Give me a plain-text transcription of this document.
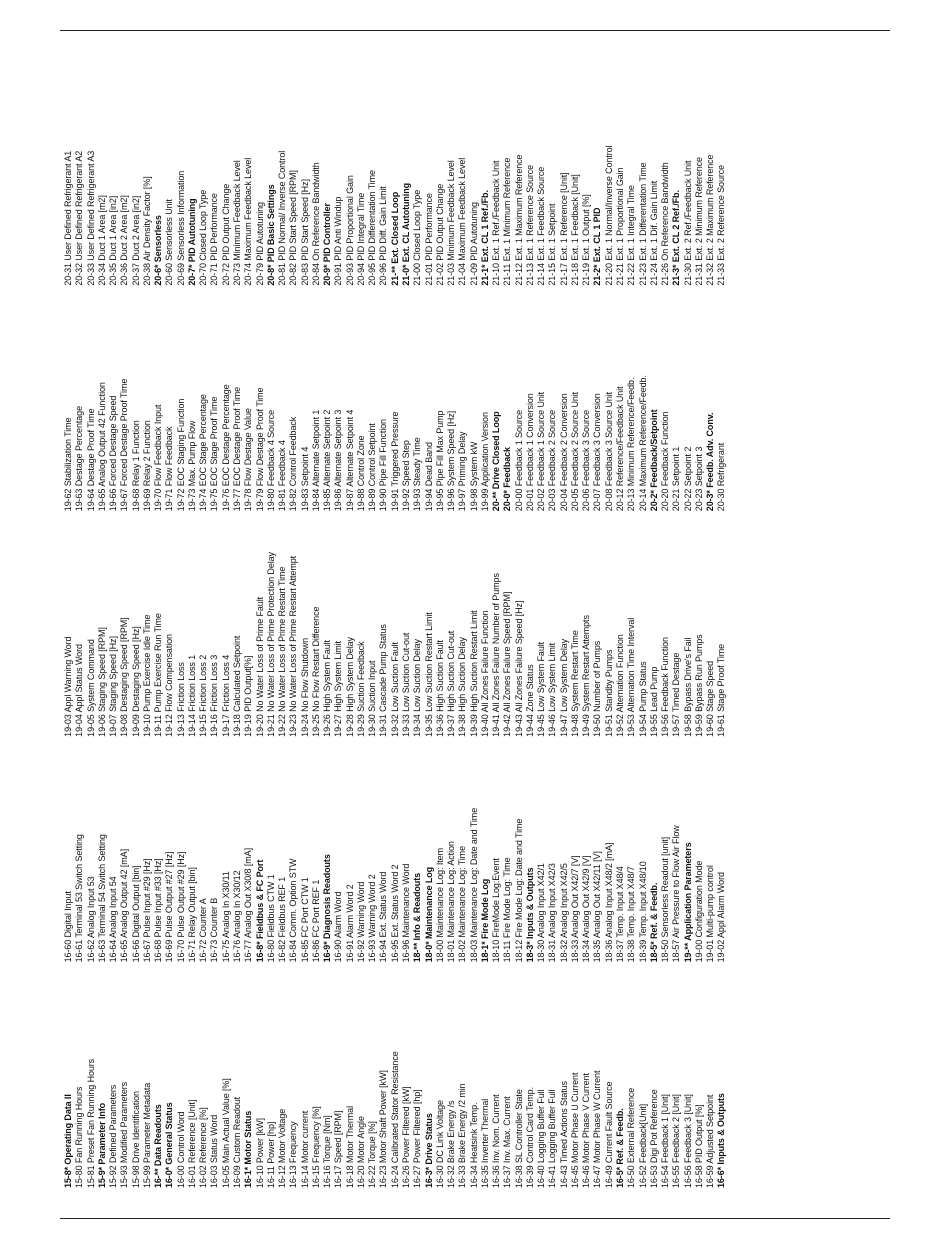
15-8* Operating Data II 15-80 Fan Running Hours 15-81 Preset Fan Running Hours 15-9* Parameter Info 15-92 Defined Parameters 15-93 Modified Parameters 15-98 Drive Identification 15-99 Parameter Metadata 16-** Data Readouts 16-0* General Status 16-00 Control Word 16-01 Reference [Unit] 16-02 Reference [%] 16-03 Status Word 16-05 Main Actual Value [%] 16-09 Custom Readout 16-1* Motor Status 16-10 Power [kW] 16-11 Power [hp] 16-12 Motor Voltage 16-13 Frequency 16-14 Motor current 16-15 Frequency [%] 16-16 Torque [Nm] 16-17 Speed [RPM] 16-18 Motor Thermal 16-20 Motor Angle 16-22 Torque [%] 16-23 Motor Shaft Power [kW] 16-24 Calibrated Stator Resistance 16-26 Power Filtered [kW] 16-27 Power Filtered [hp] 16-3* Drive Status 16-30 DC Link Voltage 16-32 Brake Energy /s 16-33 Brake Energy /2 min 16-34 Heatsink Temp. 16-35 Inverter Thermal 16-36 Inv. Nom. Current 16-37 Inv. Max. Current 16-38 SL Controller State 16-39 Control Card Temp. 16-40 Logging Buffer Full 16-41 Logging Buffer Full 16-43 Timed Actions Status 16-45 Motor Phase U Current 16-46 Motor Phase V Current 16-47 Motor Phase W Current 16-49 Current Fault Source 16-5* Ref. & Feedb. 16-50 External Reference 16-52 Feedback[Unit] 16-53 Digi Pot Reference 16-54 Feedback 1 [Unit] 16-55 Feedback 2 [Unit] 16-56 Feedback 3 [Unit] 16-58 PID Output [%] 16-59 Adjusted Setpoint 16-6* Inputs & Outputs
16-60 Digital Input 16-61 Terminal 53 Switch Setting 16-62 Analog Input 53 16-63 Terminal 54 Switch Setting 16-64 Analog Input 54 16-65 Analog Output 42 [mA] 16-66 Digital Output [bin] 16-67 Pulse Input #29 [Hz] 16-68 Pulse Input #33 [Hz] 16-69 Pulse Output #27 [Hz] 16-70 Pulse Output #29 [Hz] 16-71 Relay Output [bin] 16-72 Counter A 16-73 Counter B 16-75 Analog In X30/11 16-76 Analog In X30/12 16-77 Analog Out X30/8 [mA] 16-8* Fieldbus & FC Port 16-80 Fieldbus CTW 1 16-82 Fieldbus REF 1 16-84 Comm. Option STW 16-85 FC Port CTW 1 16-86 FC Port REF 1 16-9* Diagnosis Readouts 16-90 Alarm Word 16-91 Alarm Word 2 16-92 Warning Word 16-93 Warning Word 2 16-94 Ext. Status Word 16-95 Ext. Status Word 2 16-96 Maintenance Word 18-** Info & Readouts 18-0* Maintenance Log 18-00 Maintenance Log: Item 18-01 Maintenance Log: Action 18-02 Maintenance Log: Time 18-03 Maintenance Log: Date and Time 18-1* Fire Mode Log 18-10 FireMode Log:Event 18-11 Fire Mode Log: Time 18-12 Fire Mode Log: Date and Time 18-3* Inputs & Outputs 18-30 Analog Input X42/1 18-31 Analog Input X42/3 18-32 Analog Input X42/5 18-33 Analog Out X42/7 [V] 18-34 Analog Out X42/9 [V] 18-35 Analog Out X42/11 [V] 18-36 Analog Input X48/2 [mA] 18-37 Temp. Input X48/4 18-38 Temp. Input X48/7 18-39 Temp. Input X48/10 18-5* Ref. & Feedb. 18-50 Sensorless Readout [unit] 18-57 Air Pressure to Flow Air Flow 19-** Application Parameters 19-00 Configuration Mode 19-01 Multi-pump control 19-02 Appl Alarm Word
19-03 Appl Warning Word 19-04 Appl Status Word 19-05 System Command 19-06 Staging Speed [RPM] 19-07 Staging Speed [Hz] 19-08 Destaging Speed [RPM] 19-09 Destaging Speed [Hz] 19-10 Pump Exercise Idle Time 19-11 Pump Exercise Run Time 19-12 Flow Compensation 19-13 Friction Loss 19-14 Friction Loss 1 19-15 Friction Loss 2 19-16 Friction Loss 3 19-17 Friction Loss 4 19-18 Calculated Setpoint 19-19 PID Output[%] 19-20 No Water Loss of Prime Fault 19-21 No Water Loss of Prime Protection Delay 19-22 No Water Loss of Prime Restart Time 19-23 No Water Loss of Prime Restart Attempt 19-24 No Flow Shutdown 19-25 No Flow Restart Difference 19-26 High System Fault 19-27 High System Limit 19-28 High System Delay 19-29 Suction Feedback 19-30 Suction Input 19-31 Cascade Pump Status 19-32 Low Suction Fault 19-33 Low Suction Cut-out 19-34 Low Suction Delay 19-35 Low Suction Restart Limit 19-36 High Suction Fault 19-37 High Suction Cut-out 19-38 High Suction Delay 19-39 High Suction Restart Limit 19-40 All Zones Failure Function 19-41 All Zones Failure Number of Pumps 19-42 All Zones Failure Speed [RPM] 19-43 All Zones Failure Speed [Hz] 19-44 Zone Status 19-45 Low System Fault 19-46 Low System Limit 19-47 Low System Delay 19-48 System Restart Time 19-49 System Restart Attempts 19-50 Number of Pumps 19-51 Standby Pumps 19-52 Alternation Function 19-53 Alternation Time Interval 19-54 Pump Status 19-55 Lead Pump 19-56 Feedback Function 19-57 Timed Destage 19-58 Bypass Drive's Fail 19-59 Bypass Run Pumps 19-60 Stage Speed 19-61 Stage Proof Time
19-62 Stabilization Time 19-63 Destage Percentage 19-64 Destage Proof Time 19-65 Analog Output 42 Function 19-66 Forced Destage Speed 19-67 Forced Destage Proof Time 19-68 Relay 1 Function 19-69 Relay 2 Function 19-70 Flow Feedback Input 19-71 Flow Feedback 19-72 EOC Staging Function 19-73 Max. Pump Flow 19-74 EOC Stage Percentage 19-75 EOC Stage Proof Time 19-76 EOC Destage Percentage 19-77 EOC Destage Proof Time 19-78 Flow Destage Value 19-79 Flow Destage Proof Time 19-80 Feedback 4 Source 19-81 Feedback 4 19-82 Control Feedback 19-83 Setpoint 4 19-84 Alternate Setpoint 1 19-85 Alternate Setpoint 2 19-86 Alternate Setpoint 3 19-87 Alternate Setpoint 4 19-88 Control Zone 19-89 Control Setpoint 19-90 Pipe Fill Function 19-91 Triggered Pressure 19-92 Speed Step 19-93 Steady Time 19-94 Dead Band 19-95 Pipe Fill Max Pump 19-96 System Speed [Hz] 19-97 Priming Delay 19-98 System kW 19-99 Application Version 20-** Drive Closed Loop 20-0* Feedback 20-00 Feedback 1 Source 20-01 Feedback 1 Conversion 20-02 Feedback 1 Source Unit 20-03 Feedback 2 Source 20-04 Feedback 2 Conversion 20-05 Feedback 2 Source Unit 20-06 Feedback 3 Source 20-07 Feedback 3 Conversion 20-08 Feedback 3 Source Unit 20-12 Reference/Feedback Unit 20-13 Minimum Reference/Feedb. 20-14 Maximum Reference/Feedb. 20-2* Feedback/Setpoint 20-20 Feedback Function 20-21 Setpoint 1 20-22 Setpoint 2 20-23 Setpoint 3 20-3* Feedb. Adv. Conv. 20-30 Refrigerant
20-31 User Defined Refrigerant A1 20-32 User Defined Refrigerant A2 20-33 User Defined Refrigerant A3 20-34 Duct 1 Area [m2] 20-35 Duct 1 Area [in2] 20-36 Duct 2 Area [m2] 20-37 Duct 2 Area [in2] 20-38 Air Density Factor [%] 20-6* Sensorless 20-60 Sensorless Unit 20-69 Sensorless Information 20-7* PID Autotuning 20-70 Closed Loop Type 20-71 PID Performance 20-72 PID Output Change 20-73 Minimum Feedback Level 20-74 Maximum Feedback Level 20-79 PID Autotuning 20-8* PID Basic Settings 20-81 PID Normal/ Inverse Control 20-82 PID Start Speed [RPM] 20-83 PID Start Speed [Hz] 20-84 On Reference Bandwidth 20-9* PID Controller 20-91 PID Anti Windup 20-93 PID Proportional Gain 20-94 PID Integral Time 20-95 PID Differentation Time 20-96 PID Diff. Gain Limit 21-** Ext. Closed Loop 21-0* Ext. CL Autotuning 21-00 Closed Loop Type 21-01 PID Performance 21-02 PID Output Change 21-03 Minimum Feedback Level 21-04 Maximum Feedback Level 21-09 PID Autotuning 21-1* Ext. CL 1 Ref./Fb. 21-10 Ext. 1 Ref./Feedback Unit 21-11 Ext. 1 Minimum Reference 21-12 Ext. 1 Maximum Reference 21-13 Ext. 1 Reference Source 21-14 Ext. 1 Feedback Source 21-15 Ext. 1 Setpoint 21-17 Ext. 1 Reference [Unit] 21-18 Ext. 1 Feedback [Unit] 21-19 Ext. 1 Output [%] 21-2* Ext. CL 1 PID 21-20 Ext. 1 Normal/Inverse Control 21-21 Ext. 1 Proportional Gain 21-22 Ext. 1 Integral Time 21-23 Ext. 1 Differentation Time 21-24 Ext. 1 Dif. Gain Limit 21-26 On Reference Bandwidth 21-3* Ext. CL 2 Ref./Fb. 21-30 Ext. 2 Ref./Feedback Unit 21-31 Ext. 2 Minimum Reference 21-32 Ext. 2 Maximum Reference 21-33 Ext. 2 Reference Source
